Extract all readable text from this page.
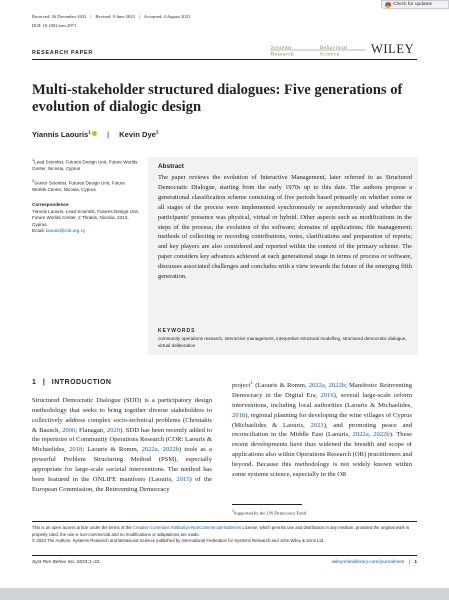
Received: 26 December 2022 | Revised: 9 June 2023 | Accepted: 4 August 2023
DOI: 10.1002/sres.2971
Check for updates
RESEARCH PAPER
Systems	Behavioral
Research	Science	WILEY
Multi-stakeholder structured dialogues: Five generations of evolution of dialogic design
Yiannis Laouris$^1$ | Kevin Dye$^2$
$^1$Lead Scientist, Futures Design Unit, Future Worlds Center, Nicosia, Cyprus
$^2$Senior Scientist, Futures Design Unit, Future Worlds Center, Nicosia, Cyprus
Correspondence
Yiannis Laouris, Lead Scientist, Futures Design Unit, Future Worlds Center, 2 Thrakis, Nicosia, 2313, Cyprus.
Email: laouris@cnti.org.cy
Abstract
The paper reviews the evolution of Interactive Management, later referred to as Structured Democratic Dialogue, starting from the early 1970s up to this date. The authors propose a generational classification scheme consisting of five periods based primarily on whether some or all stages of the process were implemented synchronously or asynchronously and whether the participants' presence was physical, virtual or hybrid. Other aspects such as modifications in the steps of the process; the evolution of the software; domains of applications; file management; methods of collecting or recording contributions, votes, clarifications and preparation of reports; and key players are also considered and reported within the context of the primary scheme. The paper considers key advances achieved at each generational stage in terms of process or software, discusses associated challenges and concludes with a view towards the future of the emerging fifth generation.
KEYWORDS
community operations research, interactive management, interpretive structural modelling, structured democratic dialogue, virtual deliberation
1 | INTRODUCTION
Structured Democratic Dialogue (SDD) is a participatory design methodology that seeks to bring together diverse stakeholders to collectively address complex socio-technical problems (Christakis & Bausch, 2006; Flanagan, 2020). SDD has been recently added to the repertoire of Community Operations Research (COR: Laouris & Michaelides, 2018; Laouris & Romm, 2022a, 2022b) tools as a powerful Problem Structuring Method (PSM), especially appropriate for large-scale societal interventions. The method has been featured in the ONLIFE manifesto (Laouris, 2015) of the European Commission, the Reinventing Democracy
project$^1$ (Laouris & Romm, 2022a, 2022b; Manifesto: Reinventing Democracy in the Digital Era, 2016), several large-scale reform interventions, including local authorities (Laouris & Michaelides, 2018), regional planning for developing the wine villages of Cyprus (Michaelides & Laouris, 2023), and promoting peace and reconciliation in the Middle East (Laouris, 2022a, 2022b). These recent developments have thus widened the breadth and scope of applications also within Operations Research (OR) practitioners and beyond. Because this methodology is not widely known within some systems science, especially in the OR
$^1$Supported by the UN Democracy Fund
This is an open access article under the terms of the Creative Commons Attribution-NonCommercial-NoDerivs License, which permits use and distribution in any medium, provided the original work is properly cited, the use is non-commercial and no modifications or adaptations are made.
© 2023 The Authors. Systems Research and Behavioral Science published by International Federation for Systems Research and John Wiley & Sons Ltd.
Syst Res Behav Sci. 2023;1–22.	wileyonlinelibrary.com/journal/sres | 1
